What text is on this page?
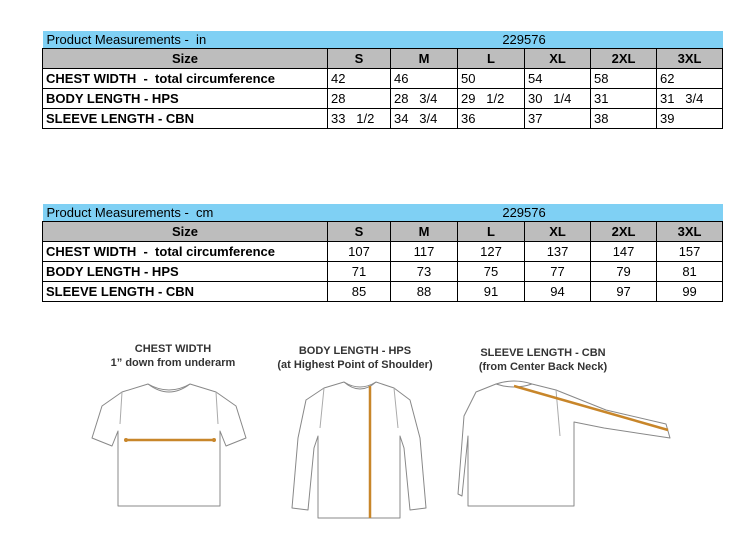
Product Measurements -  in			229576			
Size	S	M	L	XL	2XL	3XL
CHEST WIDTH  -  total circumference	42	46	50	54	58	62
BODY LENGTH - HPS	28	28   3/4	29   1/2	30   1/4	31	31   3/4
SLEEVE LENGTH - CBN	33   1/2	34   3/4	36	37	38	39
Product Measurements -  cm			229576			
Size	S	M	L	XL	2XL	3XL
CHEST WIDTH  -  total circumference	107	117	127	137	147	157
BODY LENGTH - HPS	71	73	75	77	79	81
SLEEVE LENGTH - CBN	85	88	91	94	97	99
CHEST WIDTH
1” down from underarm
BODY LENGTH - HPS
(at Highest Point of Shoulder)
SLEEVE LENGTH - CBN
(from Center Back Neck)
